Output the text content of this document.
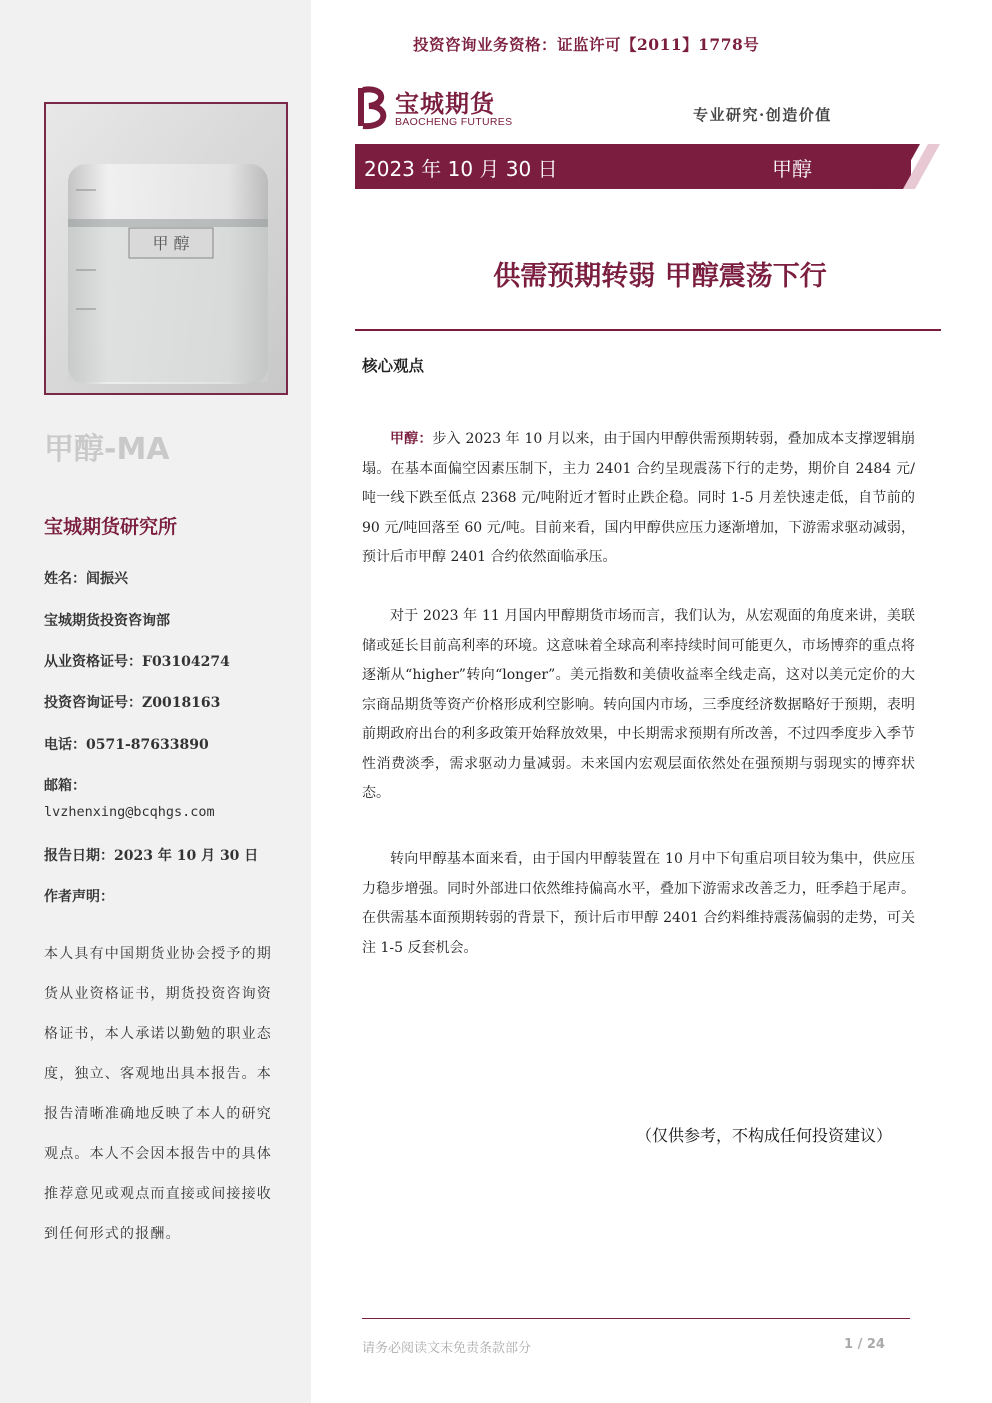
甲 醇
甲醇-MA
宝城期货研究所
姓名：闾振兴
宝城期货投资咨询部
从业资格证号：F03104274
投资咨询证号：Z0018163
电话：0571-87633890
邮箱：
lvzhenxing@bcqhgs.com
报告日期：2023 年 10 月 30 日
作者声明：
本人具有中国期货业协会授予的期货从业资格证书，期货投资咨询资格证书，本人承诺以勤勉的职业态度，独立、客观地出具本报告。本报告清晰准确地反映了本人的研究观点。本人不会因本报告中的具体推荐意见或观点而直接或间接接收到任何形式的报酬。
投资咨询业务资格：证监许可【2011】1778号
宝城期货
BAOCHENG FUTURES	专业研究·创造价值
2023 年 10 月 30 日	甲醇
供需预期转弱 甲醇震荡下行
核心观点
甲醇：步入 2023 年 10 月以来，由于国内甲醇供需预期转弱，叠加成本支撑逻辑崩塌。在基本面偏空因素压制下，主力 2401 合约呈现震荡下行的走势，期价自 2484 元/吨一线下跌至低点 2368 元/吨附近才暂时止跌企稳。同时 1-5 月差快速走低，自节前的 90 元/吨回落至 60 元/吨。目前来看，国内甲醇供应压力逐渐增加，下游需求驱动减弱，预计后市甲醇 2401 合约依然面临承压。
对于 2023 年 11 月国内甲醇期货市场而言，我们认为，从宏观面的角度来讲，美联储或延长目前高利率的环境。这意味着全球高利率持续时间可能更久，市场博弈的重点将逐渐从“higher”转向“longer”。美元指数和美债收益率全线走高，这对以美元定价的大宗商品期货等资产价格形成利空影响。转向国内市场，三季度经济数据略好于预期，表明前期政府出台的利多政策开始释放效果，中长期需求预期有所改善，不过四季度步入季节性消费淡季，需求驱动力量减弱。未来国内宏观层面依然处在强预期与弱现实的博弈状态。
转向甲醇基本面来看，由于国内甲醇装置在 10 月中下旬重启项目较为集中，供应压力稳步增强。同时外部进口依然维持偏高水平，叠加下游需求改善乏力，旺季趋于尾声。在供需基本面预期转弱的背景下，预计后市甲醇 2401 合约料维持震荡偏弱的走势，可关注 1-5 反套机会。
（仅供参考，不构成任何投资建议）
请务必阅读文末免责条款部分	1 / 24
